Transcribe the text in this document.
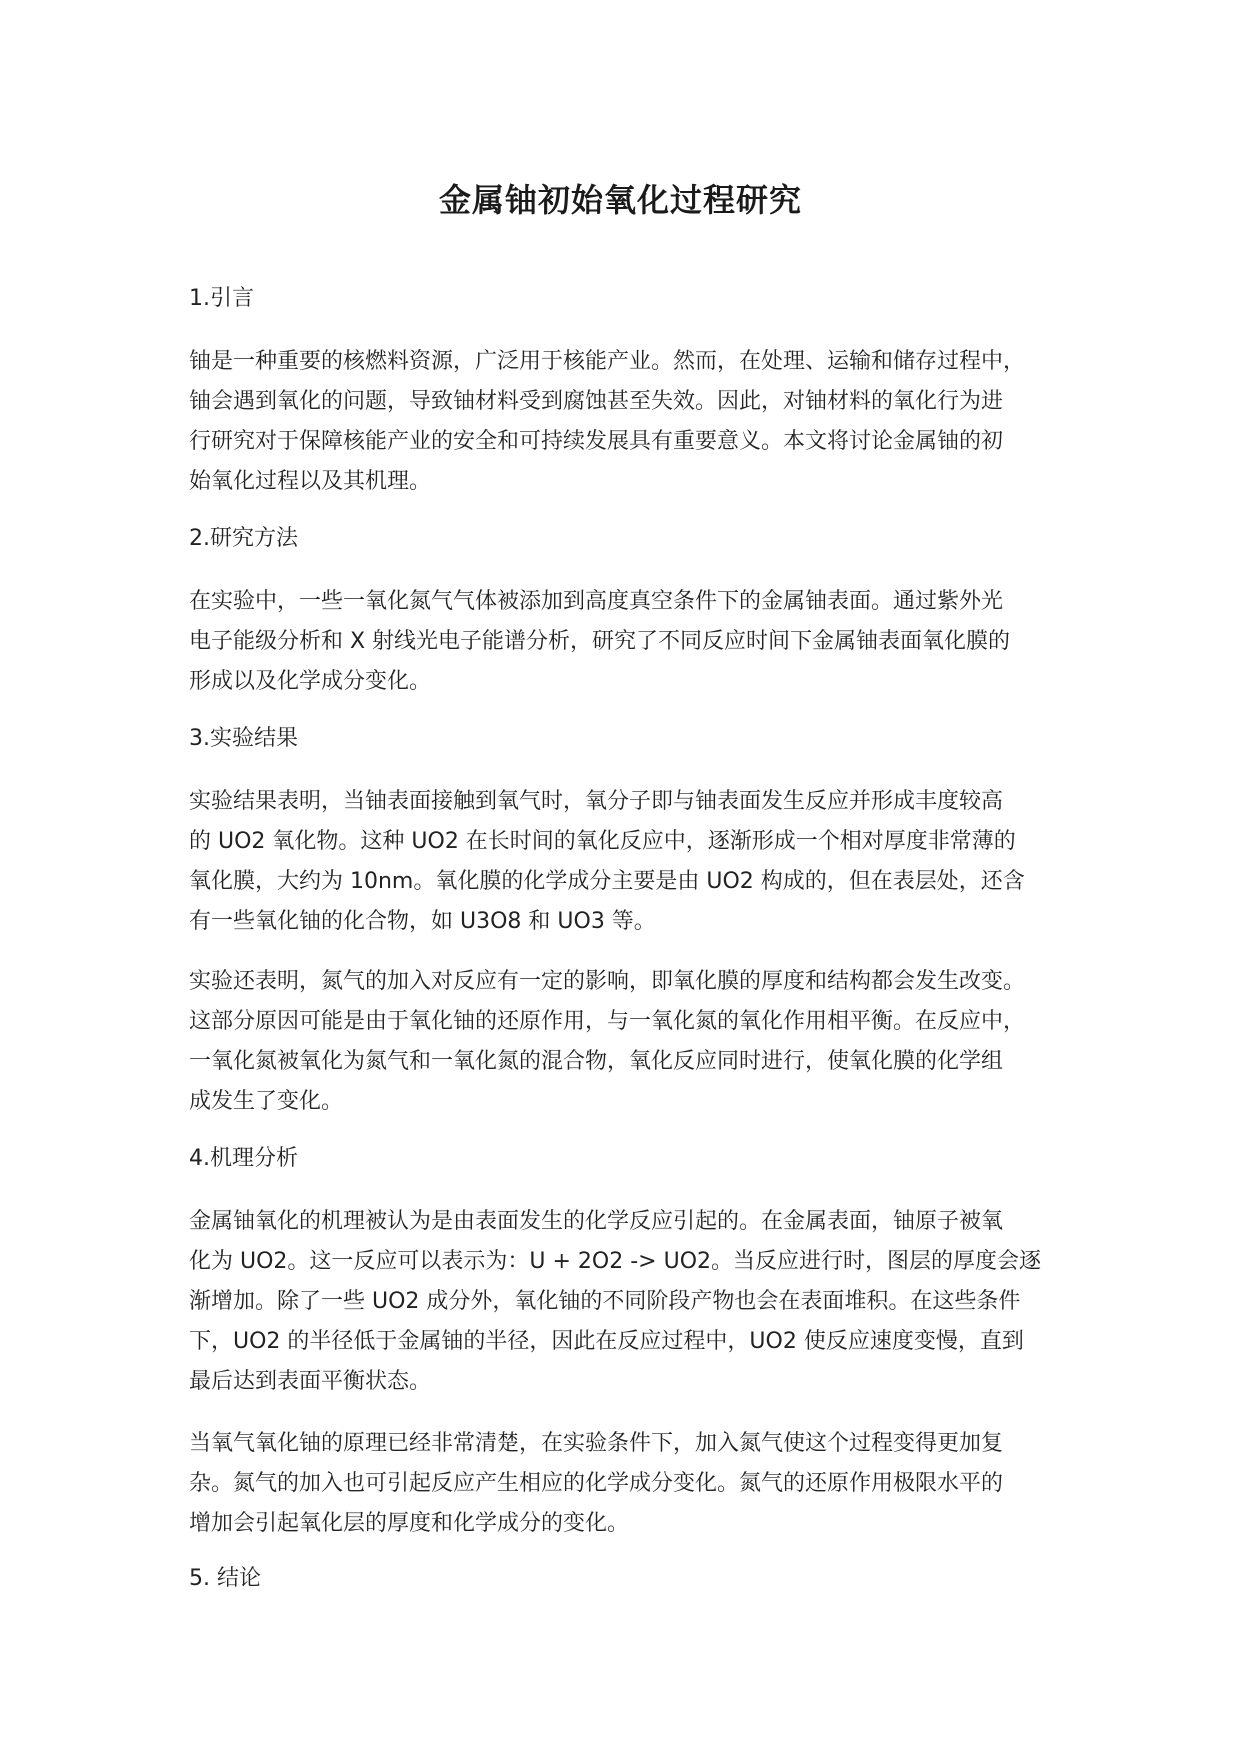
金属铀初始氧化过程研究
1.引言
铀是一种重要的核燃料资源，广泛用于核能产业。然而，在处理、运输和储存过程中，
铀会遇到氧化的问题，导致铀材料受到腐蚀甚至失效。因此，对铀材料的氧化行为进
行研究对于保障核能产业的安全和可持续发展具有重要意义。本文将讨论金属铀的初
始氧化过程以及其机理。
2.研究方法
在实验中，一些一氧化氮气气体被添加到高度真空条件下的金属铀表面。通过紫外光
电子能级分析和 X 射线光电子能谱分析，研究了不同反应时间下金属铀表面氧化膜的
形成以及化学成分变化。
3.实验结果
实验结果表明，当铀表面接触到氧气时，氧分子即与铀表面发生反应并形成丰度较高
的 UO2 氧化物。这种 UO2 在长时间的氧化反应中，逐渐形成一个相对厚度非常薄的
氧化膜，大约为 10nm。氧化膜的化学成分主要是由 UO2 构成的，但在表层处，还含
有一些氧化铀的化合物，如 U3O8 和 UO3 等。
实验还表明，氮气的加入对反应有一定的影响，即氧化膜的厚度和结构都会发生改变。
这部分原因可能是由于氧化铀的还原作用，与一氧化氮的氧化作用相平衡。在反应中，
一氧化氮被氧化为氮气和一氧化氮的混合物，氧化反应同时进行，使氧化膜的化学组
成发生了变化。
4.机理分析
金属铀氧化的机理被认为是由表面发生的化学反应引起的。在金属表面，铀原子被氧
化为 UO2。这一反应可以表示为：U + 2O2 -> UO2。当反应进行时，图层的厚度会逐
渐增加。除了一些 UO2 成分外，氧化铀的不同阶段产物也会在表面堆积。在这些条件
下，UO2 的半径低于金属铀的半径，因此在反应过程中，UO2 使反应速度变慢，直到
最后达到表面平衡状态。
当氧气氧化铀的原理已经非常清楚，在实验条件下，加入氮气使这个过程变得更加复
杂。氮气的加入也可引起反应产生相应的化学成分变化。氮气的还原作用极限水平的
增加会引起氧化层的厚度和化学成分的变化。
5. 结论
